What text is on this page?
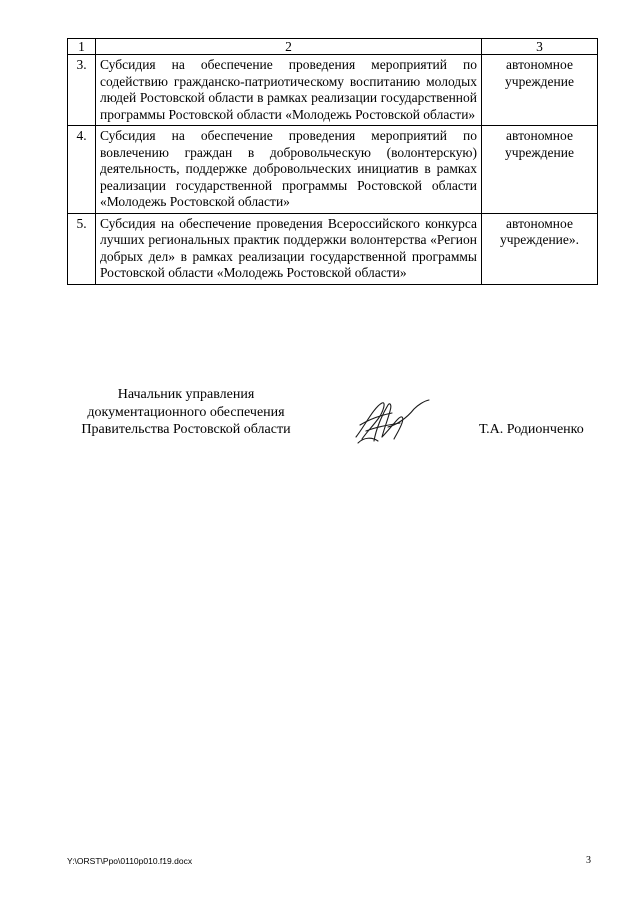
1	2	3
3.	Субсидия на обеспечение проведения мероприятий по содействию гражданско-патриотическому воспитанию молодых людей Ростовской области в рамках реализации государственной программы Ростовской области «Молодежь Ростовской области»	автономное учреждение
4.	Субсидия на обеспечение проведения мероприятий по вовлечению граждан в добровольческую (волонтерскую) деятельность, поддержке добровольческих инициатив в рамках реализации государственной программы Ростовской области «Молодежь Ростовской области»	автономное учреждение
5.	Субсидия на обеспечение проведения Всероссийского конкурса лучших региональных практик поддержки волонтерства «Регион добрых дел» в рамках реализации государственной программы Ростовской области «Молодежь Ростовской области»	автономное учреждение».
Начальник управления
документационного обеспечения
Правительства Ростовской области	Т.А. Родионченко
Y:\ORST\Ppo\0110p010.f19.docx	3
